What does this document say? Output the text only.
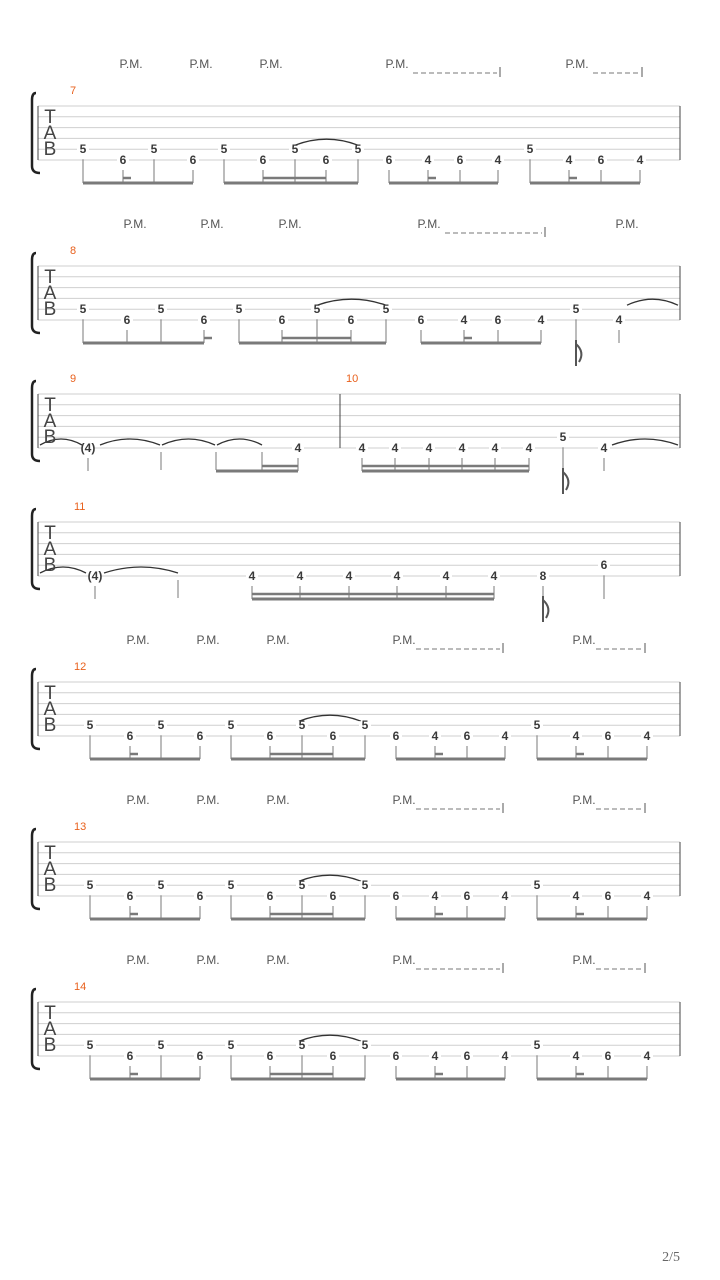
T
A
B
7
P.M.	P.M.	P.M.	P.M.	P.M.
5
6
5
6
5
6
5
6
5
6	4 6	4
5
4 6	4
T
A
B
8
P.M.	P.M.	P.M.	P.M.	P.M.
5
6
5
6
5
6
5
6
5
6	4 6	4
5
4
T
A
B
9	10
(4)	4	4 4 4 4 4 4
5
4
T
A
B
11
(4)	4	4	4	4	4	4	8
6
T
A
B
12
P.M.	P.M.	P.M.	P.M.	P.M.
5
6
5
6
5
6
5
6
5
6	4 6	4
5
4 6	4
T
A
B
13
P.M.	P.M.	P.M.	P.M.	P.M.
5
6
5
6
5
6
5
6
5
6	4 6	4
5
4 6	4
T
A
B
14
P.M.	P.M.	P.M.	P.M.	P.M.
5
6
5
6
5
6
5
6
5
6	4 6	4
5
4 6	4
2/5
